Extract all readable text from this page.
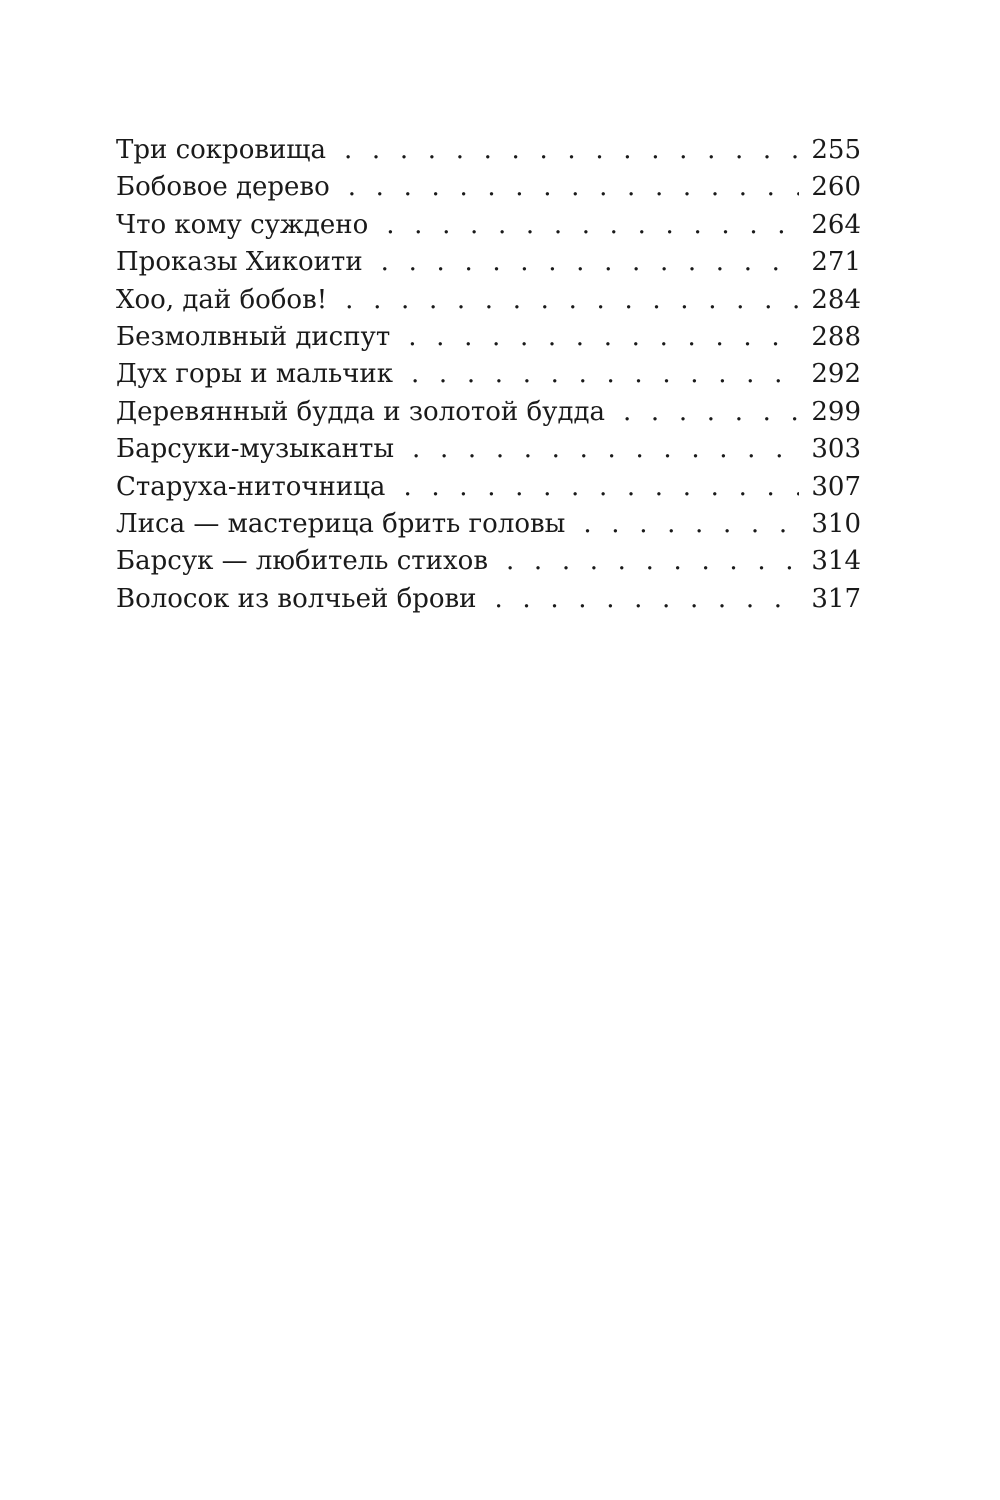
Три сокровища . . .	255
Бобовое дерево . . .	260
Что кому суждено . . .	264
Проказы Хикоити . . .	271
Хоо, дай бобов! . . .	284
Безмолвный диспут . . .	288
Дух горы и мальчик . . .	292
Деревянный будда и золотой будда . . .	299
Барсуки-музыканты . . .	303
Старуха-ниточница . . .	307
Лиса — мастерица брить головы . . .	310
Барсук — любитель стихов . . .	314
Волосок из волчьей брови . . .	317
